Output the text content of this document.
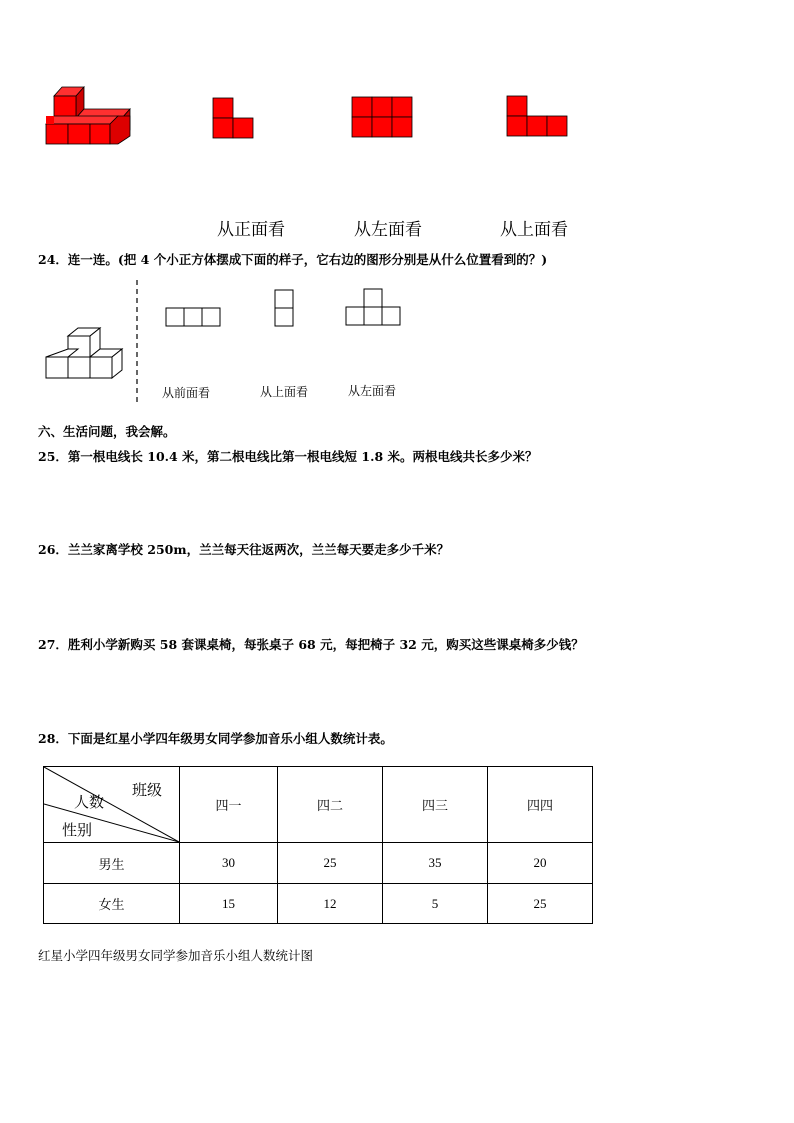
从正面看	从左面看	从上面看
24．连一连。(把 4 个小正方体摆成下面的样子，它右边的图形分别是从什么位置看到的？)
从前面看	从上面看	从左面看
六、生活问题，我会解。
25．第一根电线长 10.4 米，第二根电线比第一根电线短 1.8 米。两根电线共长多少米？
26．兰兰家离学校 250m，兰兰每天往返两次，兰兰每天要走多少千米？
27．胜利小学新购买 58 套课桌椅，每张桌子 68 元，每把椅子 32 元，购买这些课桌椅多少钱？
28．下面是红星小学四年级男女同学参加音乐小组人数统计表。
班级
人数
性别	四一	四二	四三	四四
男生	30	25	35	20
女生	15	12	5	25
红星小学四年级男女同学参加音乐小组人数统计图
